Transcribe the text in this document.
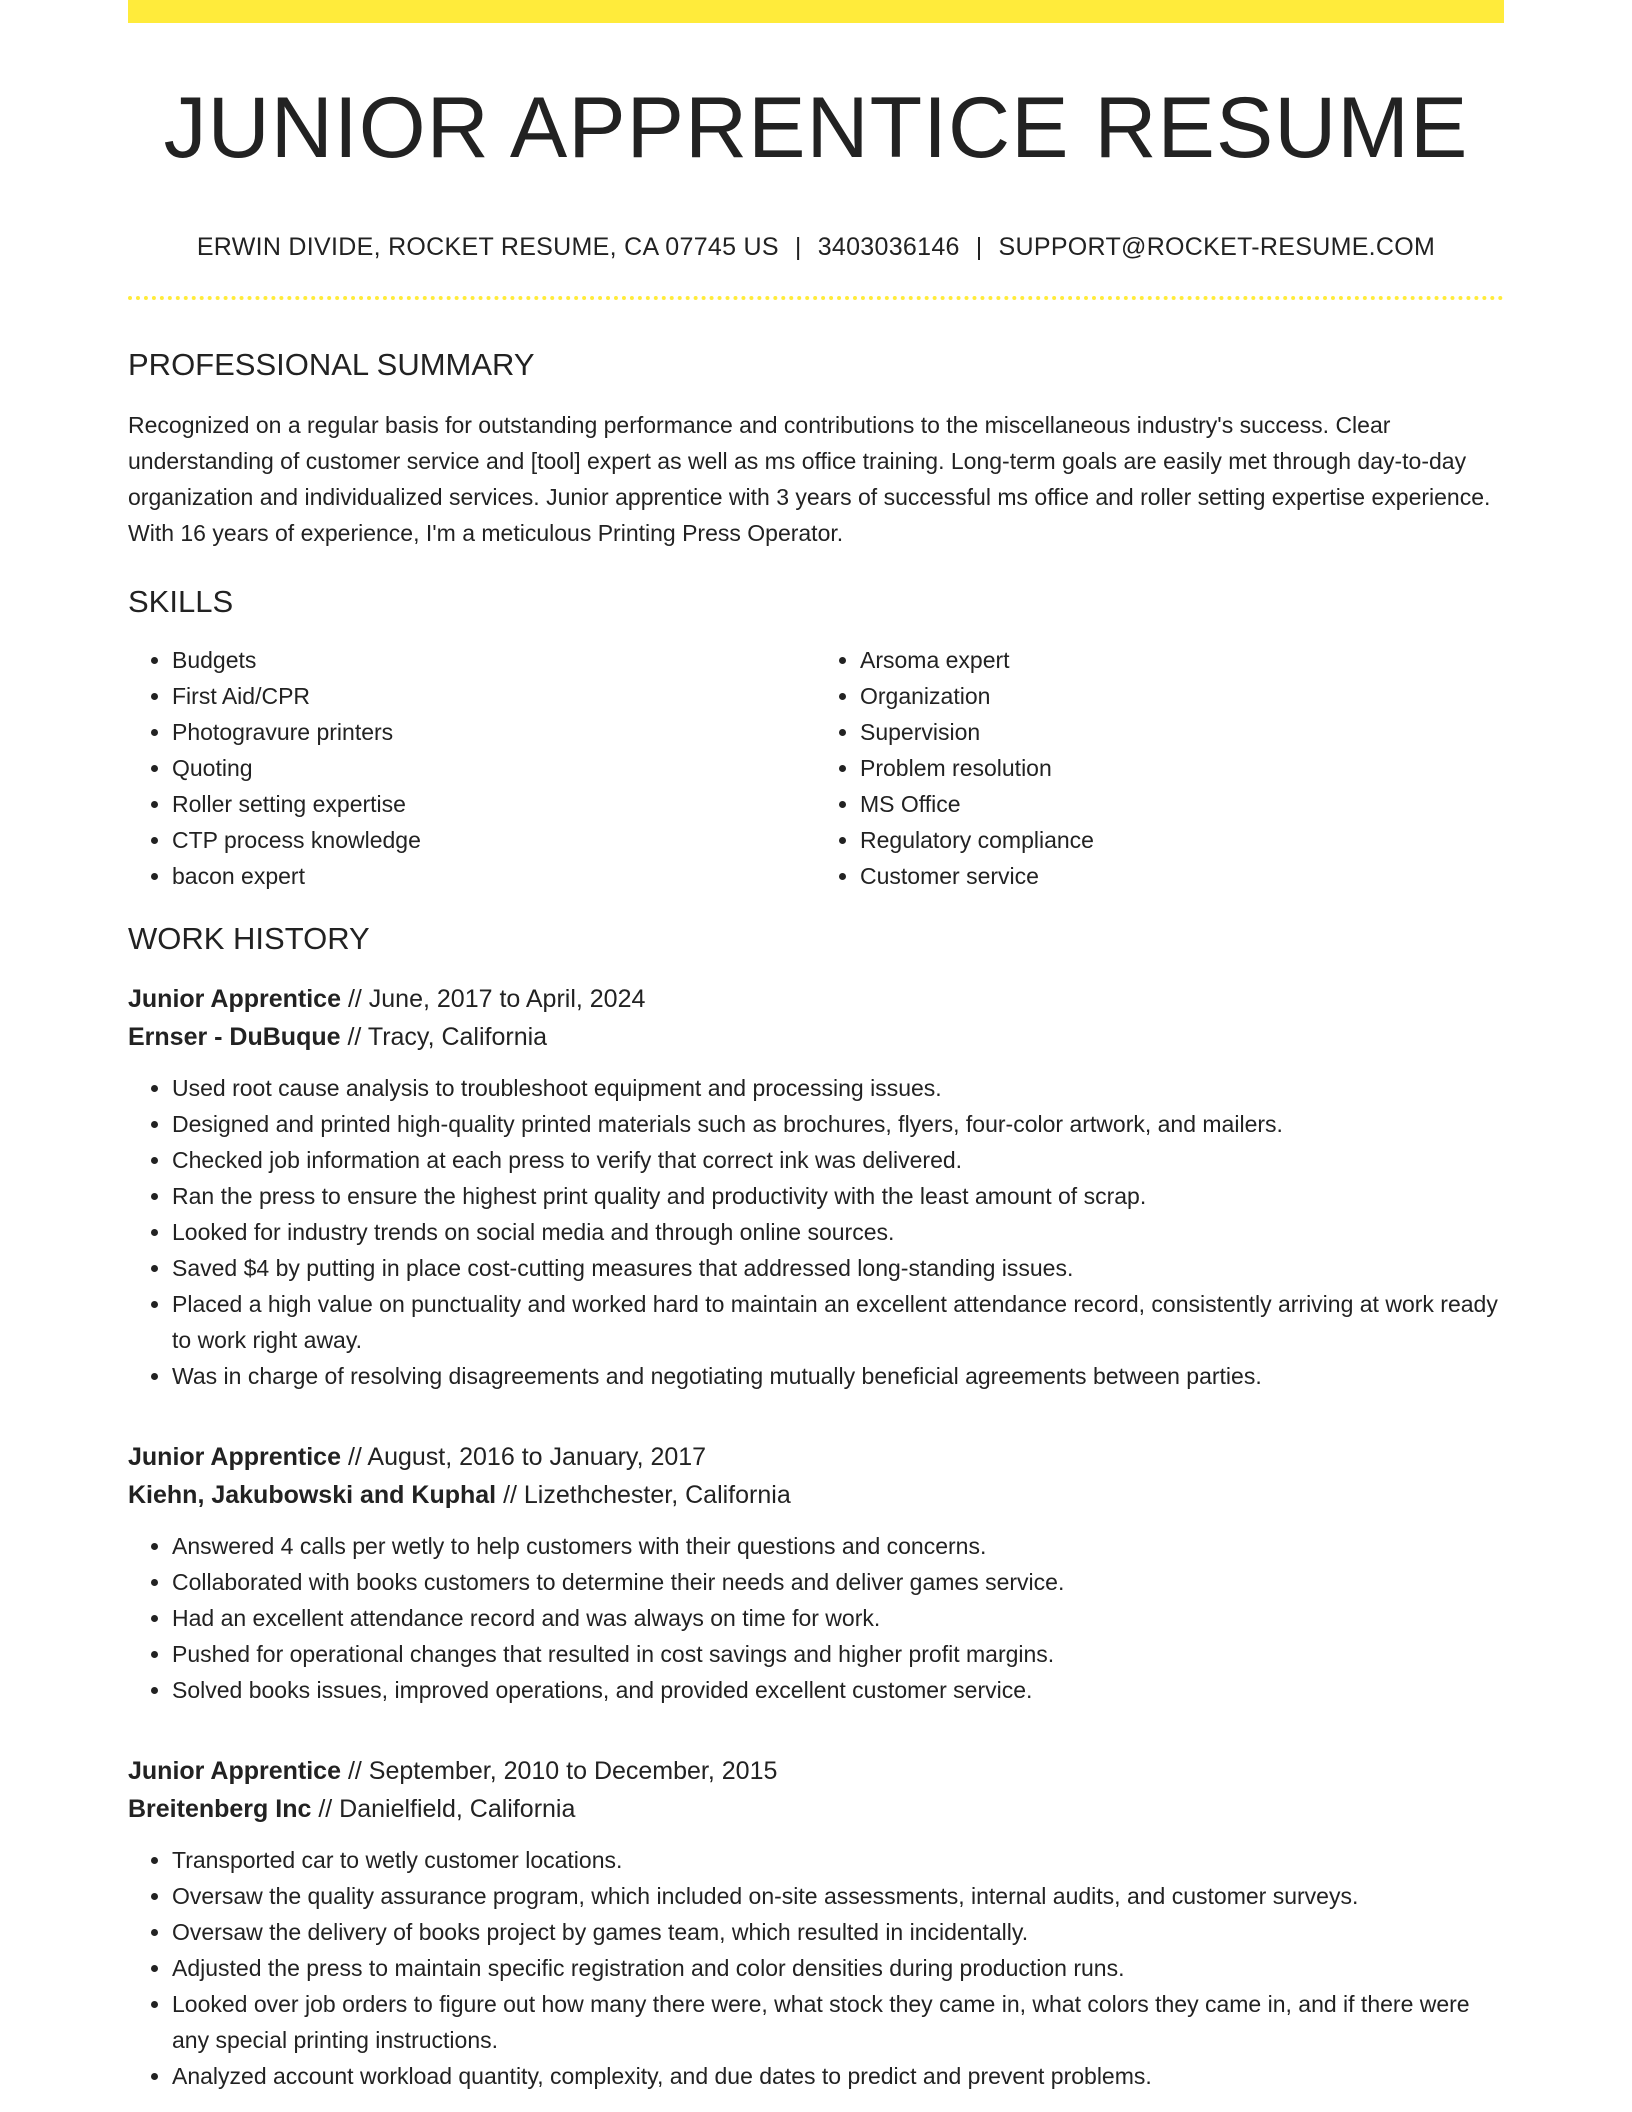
JUNIOR APPRENTICE RESUME
ERWIN DIVIDE, ROCKET RESUME, CA 07745 US | 3403036146 | SUPPORT@ROCKET-RESUME.COM
PROFESSIONAL SUMMARY

Recognized on a regular basis for outstanding performance and contributions to the miscellaneous industry's success. Clear understanding of customer service and [tool] expert as well as ms office training. Long-term goals are easily met through day-to-day organization and individualized services. Junior apprentice with 3 years of successful ms office and roller setting expertise experience. With 16 years of experience, I'm a meticulous Printing Press Operator.

SKILLS
• Budgets
• First Aid/CPR
• Photogravure printers
• Quoting
• Roller setting expertise
• CTP process knowledge
• bacon expert
• Arsoma expert
• Organization
• Supervision
• Problem resolution
• MS Office
• Regulatory compliance
• Customer service
WORK HISTORY
Junior Apprentice // June, 2017 to April, 2024
Ernser - DuBuque // Tracy, California
• Used root cause analysis to troubleshoot equipment and processing issues.
• Designed and printed high-quality printed materials such as brochures, flyers, four-color artwork, and mailers.
• Checked job information at each press to verify that correct ink was delivered.
• Ran the press to ensure the highest print quality and productivity with the least amount of scrap.
• Looked for industry trends on social media and through online sources.
• Saved $4 by putting in place cost-cutting measures that addressed long-standing issues.
• Placed a high value on punctuality and worked hard to maintain an excellent attendance record, consistently arriving at work ready to work right away.
• Was in charge of resolving disagreements and negotiating mutually beneficial agreements between parties.
Junior Apprentice // August, 2016 to January, 2017
Kiehn, Jakubowski and Kuphal // Lizethchester, California
• Answered 4 calls per wetly to help customers with their questions and concerns.
• Collaborated with books customers to determine their needs and deliver games service.
• Had an excellent attendance record and was always on time for work.
• Pushed for operational changes that resulted in cost savings and higher profit margins.
• Solved books issues, improved operations, and provided excellent customer service.
Junior Apprentice // September, 2010 to December, 2015
Breitenberg Inc // Danielfield, California
• Transported car to wetly customer locations.
• Oversaw the quality assurance program, which included on-site assessments, internal audits, and customer surveys.
• Oversaw the delivery of books project by games team, which resulted in incidentally.
• Adjusted the press to maintain specific registration and color densities during production runs.
• Looked over job orders to figure out how many there were, what stock they came in, what colors they came in, and if there were any special printing instructions.
• Analyzed account workload quantity, complexity, and due dates to predict and prevent problems.
